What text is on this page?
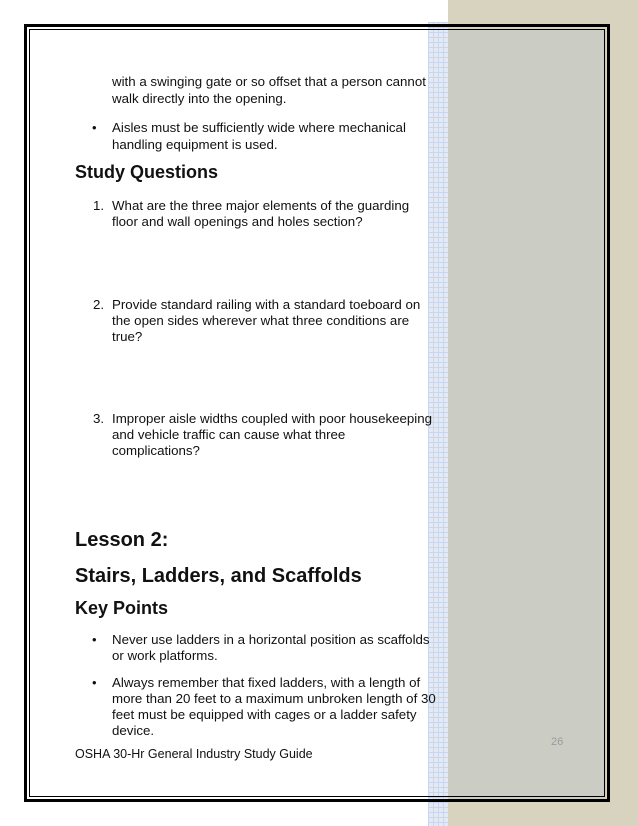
with a swinging gate or so offset that a person cannot

walk directly into the opening.

• Aisles must be sufficiently wide where mechanical

handling equipment is used.

Study Questions
1. What are the three major elements of the guarding

floor and wall openings and holes section?

2. Provide standard railing with a standard toeboard on

the open sides wherever what three conditions are

true?

3. Improper aisle widths coupled with poor housekeeping

and vehicle traffic can cause what three

complications?

Lesson 2:
Stairs, Ladders, and Scaffolds
Key Points
• Never use ladders in a horizontal position as scaffolds

or work platforms.

• Always remember that fixed ladders, with a length of

more than 20 feet to a maximum unbroken length of 30

feet must be equipped with cages or a ladder safety

device.

26
OSHA 30-Hr General Industry Study Guide
